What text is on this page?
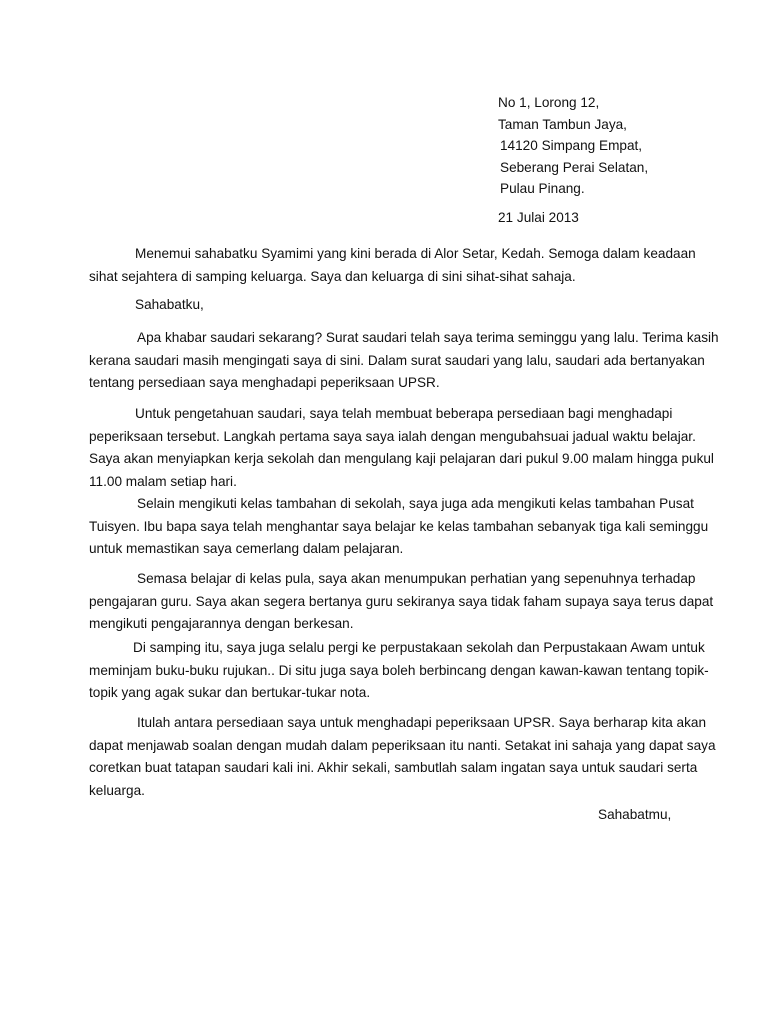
No 1, Lorong 12,
Taman Tambun Jaya,
14120 Simpang Empat,
Seberang Perai Selatan,
Pulau Pinang.
21 Julai 2013
Menemui sahabatku Syamimi yang kini berada di Alor Setar, Kedah. Semoga dalam keadaan
sihat sejahtera di samping keluarga. Saya dan keluarga di sini sihat-sihat sahaja.
Sahabatku,
Apa khabar saudari sekarang? Surat saudari telah saya terima seminggu yang lalu. Terima kasih
kerana saudari masih mengingati saya di sini. Dalam surat saudari yang lalu, saudari ada bertanyakan
tentang persediaan saya menghadapi peperiksaan UPSR.
Untuk pengetahuan saudari, saya telah membuat beberapa persediaan bagi menghadapi
peperiksaan tersebut. Langkah pertama saya saya ialah dengan mengubahsuai jadual waktu belajar.
Saya akan menyiapkan kerja sekolah dan mengulang kaji pelajaran dari pukul 9.00 malam hingga pukul
11.00 malam setiap hari.
Selain mengikuti kelas tambahan di sekolah, saya juga ada mengikuti kelas tambahan Pusat
Tuisyen. Ibu bapa saya telah menghantar saya belajar ke kelas tambahan sebanyak tiga kali seminggu
untuk memastikan saya cemerlang dalam pelajaran.
Semasa belajar di kelas pula, saya akan menumpukan perhatian yang sepenuhnya terhadap
pengajaran guru. Saya akan segera bertanya guru sekiranya saya tidak faham supaya saya terus dapat
mengikuti pengajarannya dengan berkesan.
Di samping itu, saya juga selalu pergi ke perpustakaan sekolah dan Perpustakaan Awam untuk
meminjam buku-buku rujukan.. Di situ juga saya boleh berbincang dengan kawan-kawan tentang topik-
topik yang agak sukar dan bertukar-tukar nota.
Itulah antara persediaan saya untuk menghadapi peperiksaan UPSR. Saya berharap kita akan
dapat menjawab soalan dengan mudah dalam peperiksaan itu nanti. Setakat ini sahaja yang dapat saya
coretkan buat tatapan saudari kali ini. Akhir sekali, sambutlah salam ingatan saya untuk saudari serta
keluarga.
Sahabatmu,
